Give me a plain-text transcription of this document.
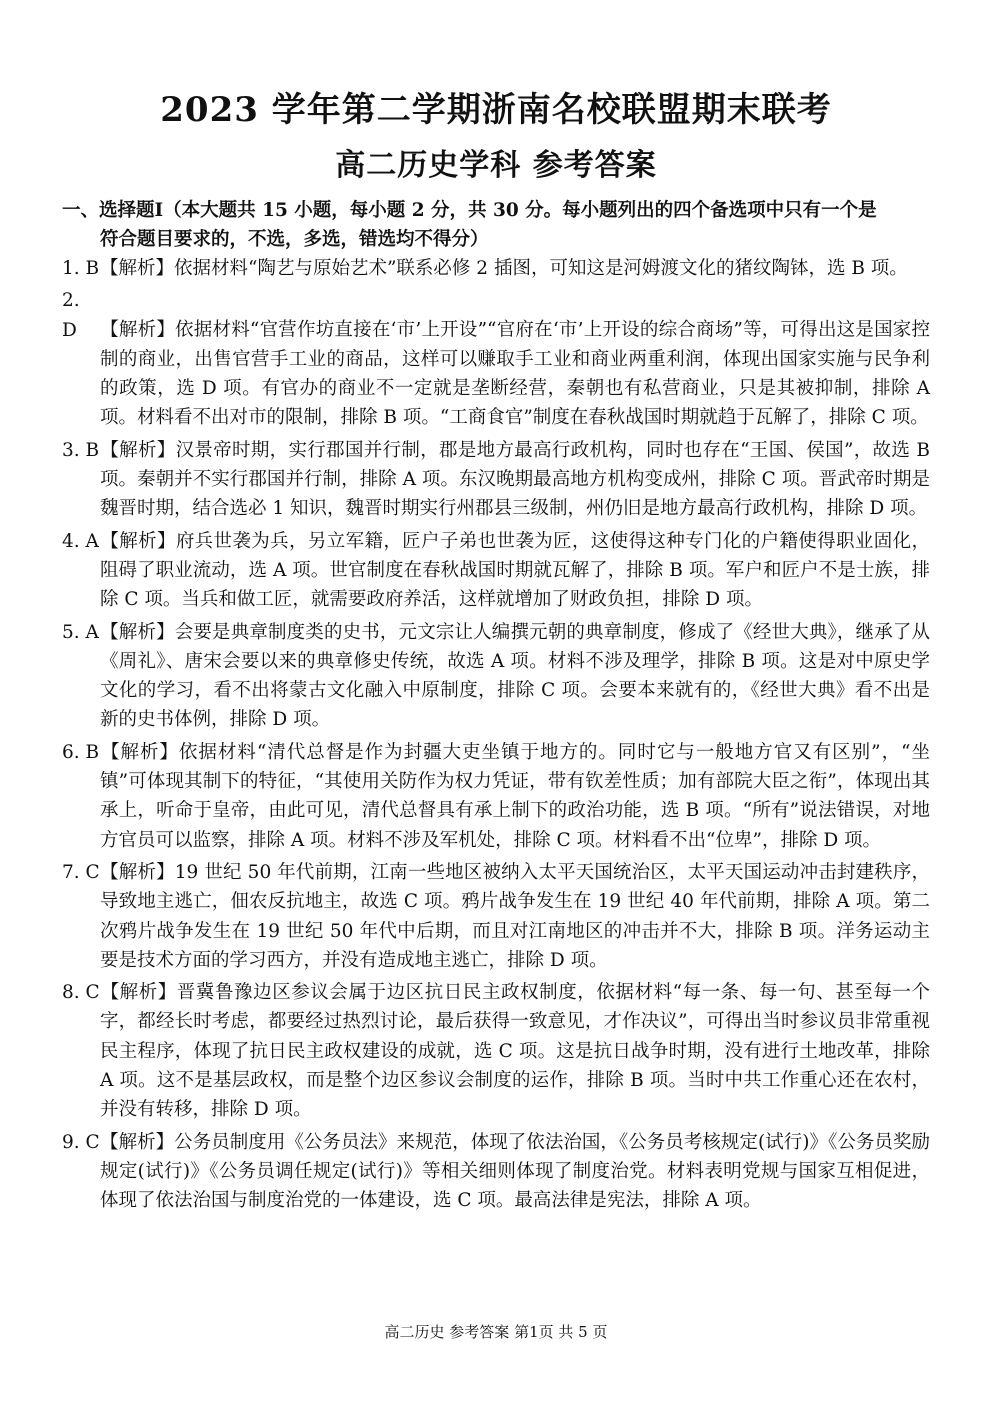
2023 学年第二学期浙南名校联盟期末联考
高二历史学科 参考答案
一、选择题Ⅰ（本大题共 15 小题，每小题 2 分，共 30 分。每小题列出的四个备选项中只有一个是
符合题目要求的，不选，多选，错选均不得分）

1. B【解析】依据材料“陶艺与原始艺术”联系必修 2 插图，可知这是河姆渡文化的猪纹陶钵，选 B 项。

2. D 【解析】依据材料“官营作坊直接在‘市’上开设”“官府在‘市’上开设的综合商场”等，可得出这是国家控制的商业，出售官营手工业的商品，这样可以赚取手工业和商业两重利润，体现出国家实施与民争利的政策，选 D 项。有官办的商业不一定就是垄断经营，秦朝也有私营商业，只是其被抑制，排除 A 项。材料看不出对市的限制，排除 B 项。“工商食官”制度在春秋战国时期就趋于瓦解了，排除 C 项。

3. B【解析】汉景帝时期，实行郡国并行制，郡是地方最高行政机构，同时也存在“王国、侯国”，故选 B 项。秦朝并不实行郡国并行制，排除 A 项。东汉晚期最高地方机构变成州，排除 C 项。晋武帝时期是魏晋时期，结合选必 1 知识，魏晋时期实行州郡县三级制，州仍旧是地方最高行政机构，排除 D 项。

4. A【解析】府兵世袭为兵，另立军籍，匠户子弟也世袭为匠，这使得这种专门化的户籍使得职业固化，阻碍了职业流动，选 A 项。世官制度在春秋战国时期就瓦解了，排除 B 项。军户和匠户不是士族，排除 C 项。当兵和做工匠，就需要政府养活，这样就增加了财政负担，排除 D 项。

5. A【解析】会要是典章制度类的史书，元文宗让人编撰元朝的典章制度，修成了《经世大典》，继承了从《周礼》、唐宋会要以来的典章修史传统，故选 A 项。材料不涉及理学，排除 B 项。这是对中原史学文化的学习，看不出将蒙古文化融入中原制度，排除 C 项。会要本来就有的，《经世大典》看不出是新的史书体例，排除 D 项。

6. B【解析】依据材料“清代总督是作为封疆大吏坐镇于地方的。同时它与一般地方官又有区别”，“坐镇”可体现其制下的特征，“其使用关防作为权力凭证，带有钦差性质；加有部院大臣之衔”，体现出其承上，听命于皇帝，由此可见，清代总督具有承上制下的政治功能，选 B 项。“所有”说法错误，对地方官员可以监察，排除 A 项。材料不涉及军机处，排除 C 项。材料看不出“位卑”，排除 D 项。

7. C【解析】19 世纪 50 年代前期，江南一些地区被纳入太平天国统治区，太平天国运动冲击封建秩序，导致地主逃亡，佃农反抗地主，故选 C 项。鸦片战争发生在 19 世纪 40 年代前期，排除 A 项。第二次鸦片战争发生在 19 世纪 50 年代中后期，而且对江南地区的冲击并不大，排除 B 项。洋务运动主要是技术方面的学习西方，并没有造成地主逃亡，排除 D 项。

8. C【解析】晋冀鲁豫边区参议会属于边区抗日民主政权制度，依据材料“每一条、每一句、甚至每一个字，都经长时考虑，都要经过热烈讨论，最后获得一致意见，才作决议”，可得出当时参议员非常重视民主程序，体现了抗日民主政权建设的成就，选 C 项。这是抗日战争时期，没有进行土地改革，排除 A 项。这不是基层政权，而是整个边区参议会制度的运作，排除 B 项。当时中共工作重心还在农村，并没有转移，排除 D 项。

9. C【解析】公务员制度用《公务员法》来规范，体现了依法治国，《公务员考核规定(试行)》《公务员奖励规定(试行)》《公务员调任规定(试行)》等相关细则体现了制度治党。材料表明党规与国家互相促进，体现了依法治国与制度治党的一体建设，选 C 项。最高法律是宪法，排除 A 项。

高二历史 参考答案 第1页 共 5 页
